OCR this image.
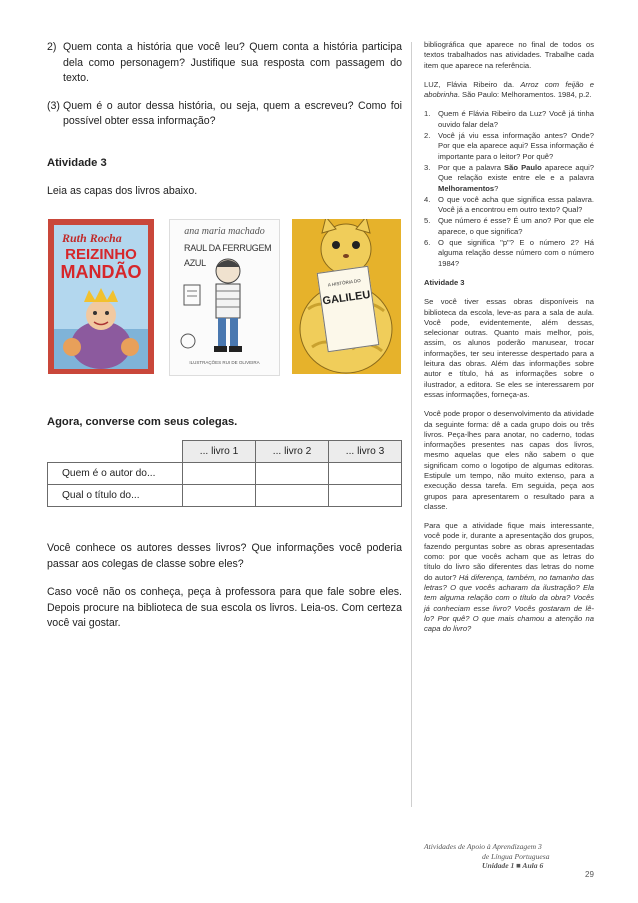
2) Quem conta a história que você leu? Quem conta a história participa dela como personagem? Justifique sua resposta com passagem do texto.
(3) Quem é o autor dessa história, ou seja, quem a escreveu? Como foi possível obter essa informação?
Atividade 3

Leia as capas dos livros abaixo.

Ruth Rocha
REIZINHO
MANDÃO
ana maria machado
RAUL DA FERRUGEM AZUL
ILUSTRAÇÕES RUI DE OLIVEIRA
A HISTÓRIA DO
GALILEU
Agora, converse com seus colegas.
	... livro 1	... livro 2	... livro 3
Quem é o autor do...			
Qual o título do...			

Você conhece os autores desses livros? Que informações você poderia passar aos colegas de classe sobre eles?

Caso você não os conheça, peça à professora para que fale sobre eles. Depois procure na biblioteca de sua escola os livros. Leia-os. Com certeza você vai gostar.

bibliográfica que aparece no final de todos os textos trabalhados nas atividades. Trabalhe cada item que aparece na referência.

LUZ, Flávia Ribeiro da. Arroz com feijão e abobrinha. São Paulo: Melhoramentos. 1984, p.2.

1.	Quem é Flávia Ribeiro da Luz? Você já tinha ouvido falar dela?
2.	Você já viu essa informação antes? Onde? Por que ela aparece aqui? Essa informação é importante para o leitor? Por quê?
3.	Por que a palavra São Paulo aparece aqui? Que relação existe entre ele e a palavra Melhoramentos?
4.	O que você acha que significa essa palavra. Você já a encontrou em outro texto? Qual?
5.	Que número é esse? É um ano? Por que ele aparece, o que significa?
6.	O que significa "p"? E o número 2? Há alguma relação desse número com o número 1984?

Atividade 3

Se você tiver essas obras disponíveis na biblioteca da escola, leve-as para a sala de aula. Você pode, evidentemente, além dessas, selecionar outras. Quanto mais melhor, pois, assim, os alunos poderão manusear, trocar informações, ter seu interesse despertado para a leitura das obras. Além das informações sobre autor e título, há as informações sobre o ilustrador, a editora. Se eles se interessarem por essas informações, forneça-as.

Você pode propor o desenvolvimento da atividade da seguinte forma: dê a cada grupo dois ou três livros. Peça-lhes para anotar, no caderno, todas informações presentes nas capas dos livros, mesmo aquelas que eles não sabem o que significam como o logotipo de algumas editoras. Estipule um tempo, não muito extenso, para a execução dessa tarefa. Em seguida, peça aos grupos para apresentarem o resultado para a classe.

Para que a atividade fique mais interessante, você pode ir, durante a apresentação dos grupos, fazendo perguntas sobre as obras apresentadas como: por que vocês acham que as letras do título do livro são diferentes das letras do nome do autor? Há diferença, também, no tamanho das letras? O que vocês acharam da ilustração? Ela tem alguma relação com o título da obra? Vocês já conheciam esse livro? Vocês gostaram de lê-lo? Por quê? O que mais chamou a atenção na capa do livro?

Atividades de Apoio à Aprendizagem 3
de Língua Portuguesa
Unidade 1 ■ Aula 6
29
